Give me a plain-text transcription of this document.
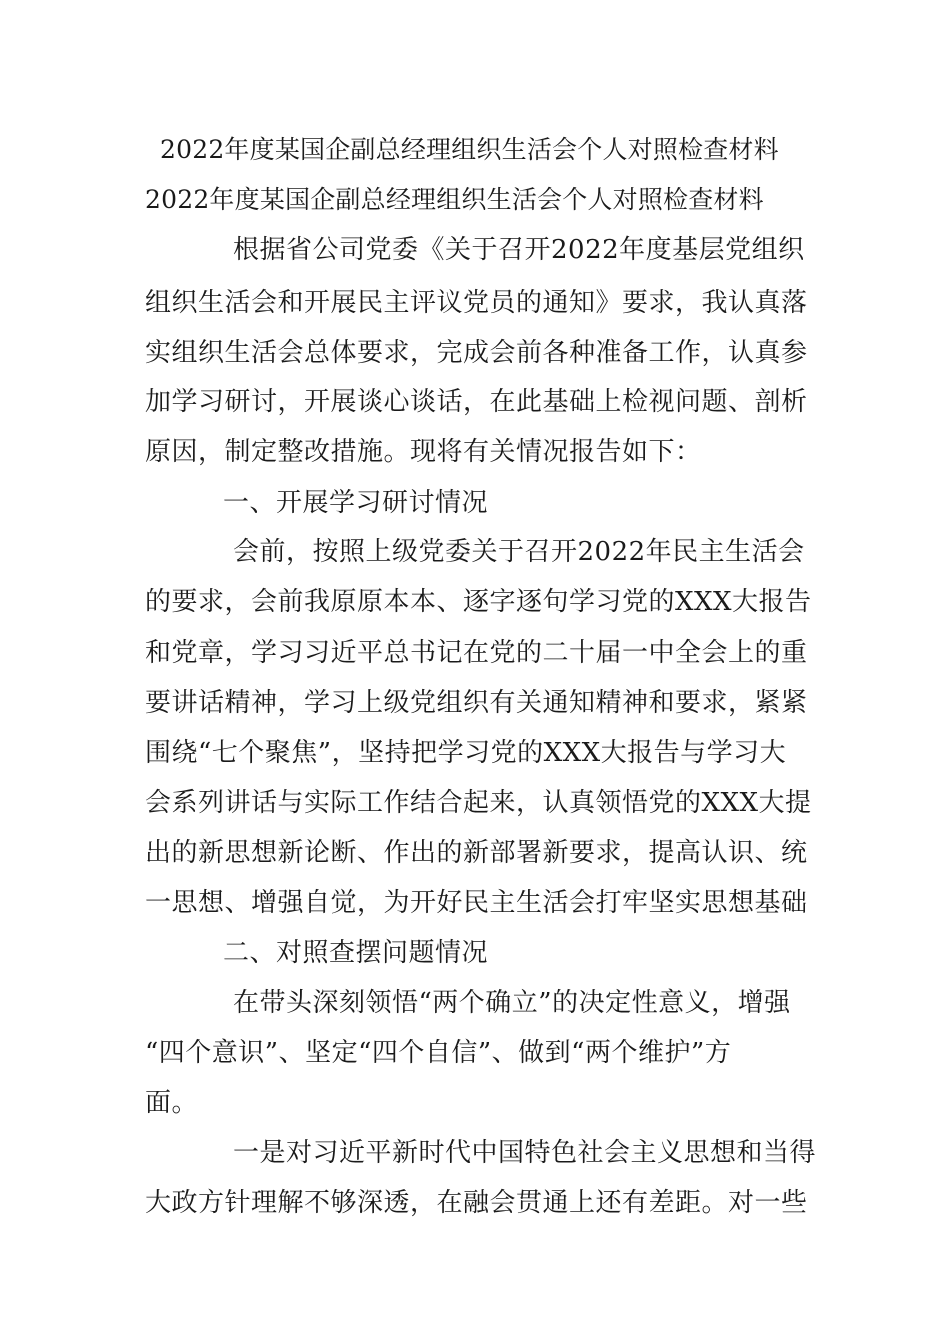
2022年度某国企副总经理组织生活会个人对照检查材料
2022年度某国企副总经理组织生活会个人对照检查材料
根据省公司党委《关于召开2022年度基层党组织
组织生活会和开展民主评议党员的通知》要求，我认真落
实组织生活会总体要求，完成会前各种准备工作，认真参
加学习研讨，开展谈心谈话，在此基础上检视问题、剖析
原因，制定整改措施。现将有关情况报告如下：
一、开展学习研讨情况
会前，按照上级党委关于召开2022年民主生活会
的要求，会前我原原本本、逐字逐句学习党的XXX大报告
和党章，学习习近平总书记在党的二十届一中全会上的重
要讲话精神，学习上级党组织有关通知精神和要求，紧紧
围绕“七个聚焦”，坚持把学习党的XXX大报告与学习大
会系列讲话与实际工作结合起来，认真领悟党的XXX大提
出的新思想新论断、作出的新部署新要求，提高认识、统
一思想、增强自觉，为开好民主生活会打牢坚实思想基础
二、对照查摆问题情况
在带头深刻领悟“两个确立”的决定性意义，增强
“四个意识”、坚定“四个自信”、做到“两个维护”方
面。
一是对习近平新时代中国特色社会主义思想和当得
大政方针理解不够深透，在融会贯通上还有差距。对一些
